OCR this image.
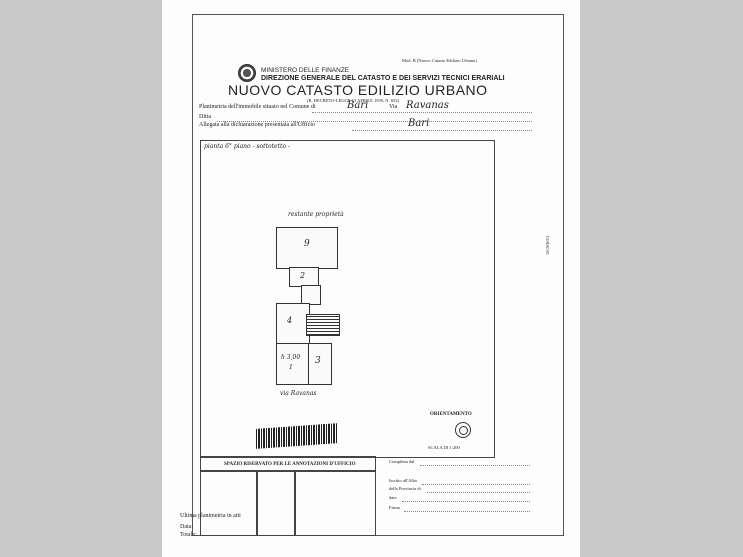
Mod. B (Nuovo Catasto Edilizio Urbano)
MINISTERO DELLE FINANZE
DIREZIONE GENERALE DEL CATASTO E DEI SERVIZI TECNICI ERARIALI
NUOVO CATASTO EDILIZIO URBANO
(R. DECRETO-LEGGE 13 APRILE 1939, N. 652)
Planimetria dell'immobile situato nel Comune di	Bari	Via Ravanas
Ditta
Allegata alla dichiarazione presentata all'Ufficio	Bari
pianta 6° piano - sottotetto -
restante proprietà
9
2
4
h 3,00
1
3
via Ravanas
ORIENTAMENTO
SCALA DI 1:200
SPAZIO RISERVATO PER LE ANNOTAZIONI D'UFFICIO
Compilata dal
Iscritto all'Albo
della Provincia di
data
Firma
Ultima planimetria in atti
Data:
Totale:
CONSO 83
